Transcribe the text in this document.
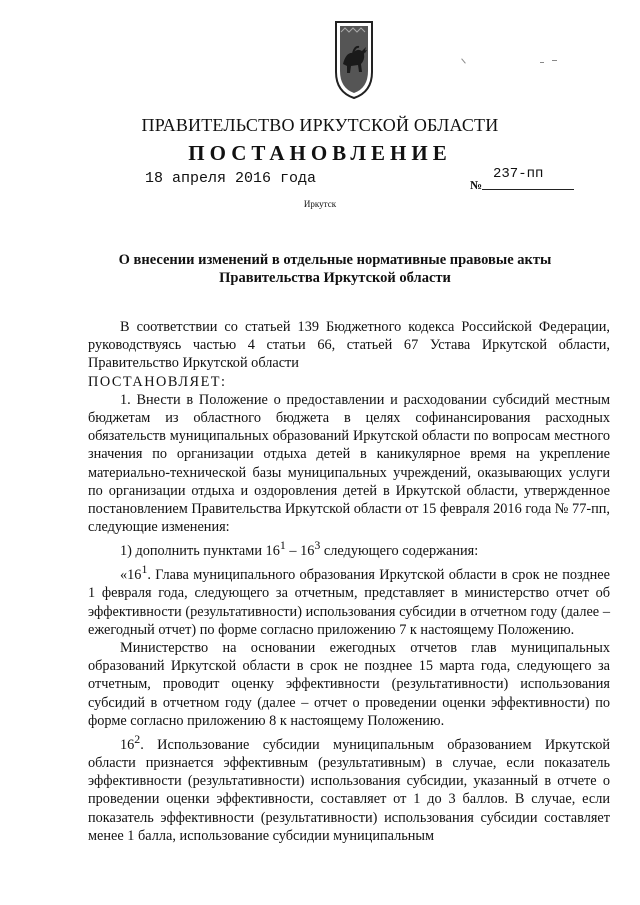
ПРАВИТЕЛЬСТВО ИРКУТСКОЙ ОБЛАСТИ
ПОСТАНОВЛЕНИЕ
18 апреля 2016 года	№
237-пп
Иркутск
О внесении изменений в отдельные нормативные правовые акты Правительства Иркутской области

В соответствии со статьей 139 Бюджетного кодекса Российской Федерации, руководствуясь частью 4 статьи 66, статьей 67 Устава Иркутской области, Правительство Иркутской области

ПОСТАНОВЛЯЕТ:

1. Внести в Положение о предоставлении и расходовании субсидий местным бюджетам из областного бюджета в целях софинансирования расходных обязательств муниципальных образований Иркутской области по вопросам местного значения по организации отдыха детей в каникулярное время на укрепление материально-технической базы муниципальных учреждений, оказывающих услуги по организации отдыха и оздоровления детей в Иркутской области, утвержденное постановлением Правительства Иркутской области от 15 февраля 2016 года № 77-пп, следующие изменения:

1) дополнить пунктами $16^1 - 16^3$ следующего содержания:

«$16^1$. Глава муниципального образования Иркутской области в срок не позднее 1 февраля года, следующего за отчетным, представляет в министерство отчет об эффективности (результативности) использования субсидии в отчетном году (далее – ежегодный отчет) по форме согласно приложению 7 к настоящему Положению.

Министерство на основании ежегодных отчетов глав муниципальных образований Иркутской области в срок не позднее 15 марта года, следующего за отчетным, проводит оценку эффективности (результативности) использования субсидий в отчетном году (далее – отчет о проведении оценки эффективности) по форме согласно приложению 8 к настоящему Положению.

$16^2$. Использование субсидии муниципальным образованием Иркутской области признается эффективным (результативным) в случае, если показатель эффективности (результативности) использования субсидии, указанный в отчете о проведении оценки эффективности, составляет от 1 до 3 баллов. В случае, если показатель эффективности (результативности) использования субсидии составляет менее 1 балла, использование субсидии муниципальным
